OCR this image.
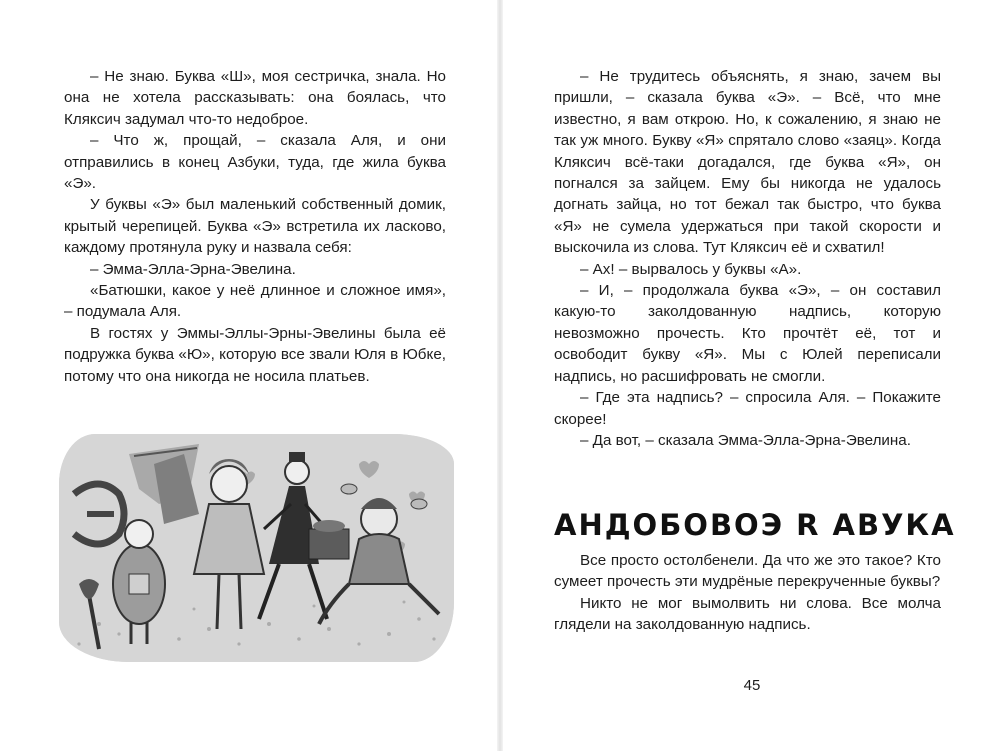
– Не знаю. Буква «Ш», моя сестричка, знала. Но она не хотела рассказывать: она боялась, что Кляксич задумал что-то недоброе.

– Что ж, прощай, – сказала Аля, и они отправились в конец Азбуки, туда, где жила буква «Э».

У буквы «Э» был маленький собственный домик, крытый черепицей. Буква «Э» встретила их ласково, каждому протянула руку и назвала себя:

– Эмма-Элла-Эрна-Эвелина.

«Батюшки, какое у неё длинное и сложное имя», – подумала Аля.

В гостях у Эммы-Эллы-Эрны-Эвелины была её подружка буква «Ю», которую все звали Юля в Юбке, потому что она никогда не носила платьев.

– Не трудитесь объяснять, я знаю, зачем вы пришли, – сказала буква «Э». – Всё, что мне известно, я вам открою. Но, к сожалению, я знаю не так уж много. Букву «Я» спрятало слово «заяц». Когда Кляксич всё-таки догадался, где буква «Я», он погнался за зайцем. Ему бы никогда не удалось догнать зайца, но тот бежал так быстро, что буква «Я» не сумела удержаться при такой скорости и выскочила из слова. Тут Кляксич её и схватил!

– Ах! – вырвалось у буквы «А».

– И, – продолжала буква «Э», – он составил какую-то заколдованную надпись, которую невозможно прочесть. Кто прочтёт её, тот и освободит букву «Я». Мы с Юлей переписали надпись, но расшифровать не смогли.

– Где эта надпись? – спросила Аля. – Покажите скорее!

– Да вот, – сказала Эмма-Элла-Эрна-Эвелина.

АНДОБОВОЭ R АВУКА

Все просто остолбенели. Да что же это такое? Кто сумеет прочесть эти мудрёные перекрученные буквы?

Никто не мог вымолвить ни слова. Все молча глядели на заколдованную надпись.

45
